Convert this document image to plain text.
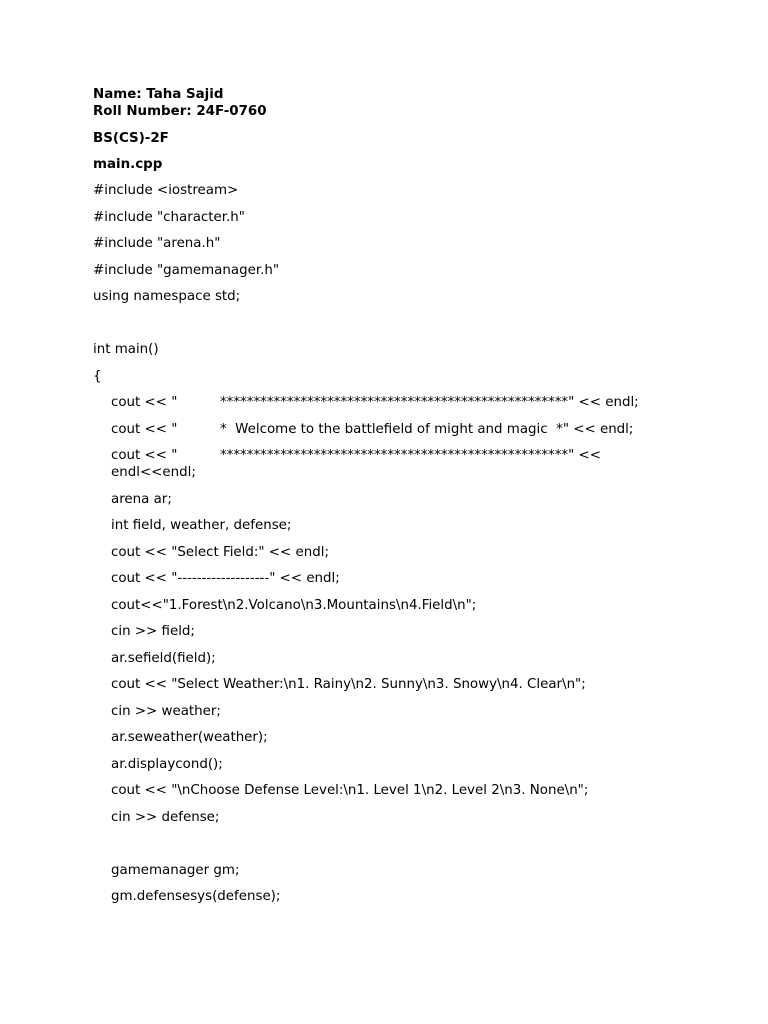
Name: Taha Sajid
Roll Number: 24F-0760
BS(CS)-2F
main.cpp
#include <iostream>
#include "character.h"
#include "arena.h"
#include "gamemanager.h"
using namespace std;
int main()
{
cout << "          ****************************************************" << endl;
cout << "          *  Welcome to the battlefield of might and magic  *" << endl;
cout << "          ****************************************************" << endl<<endl;
arena ar;
int field, weather, defense;
cout << "Select Field:" << endl;
cout << "-------------------" << endl;
cout<<"1.Forest\n2.Volcano\n3.Mountains\n4.Field\n";
cin >> field;
ar.sefield(field);
cout << "Select Weather:\n1. Rainy\n2. Sunny\n3. Snowy\n4. Clear\n";
cin >> weather;
ar.seweather(weather);
ar.displaycond();
cout << "\nChoose Defense Level:\n1. Level 1\n2. Level 2\n3. None\n";
cin >> defense;
gamemanager gm;
gm.defensesys(defense);
